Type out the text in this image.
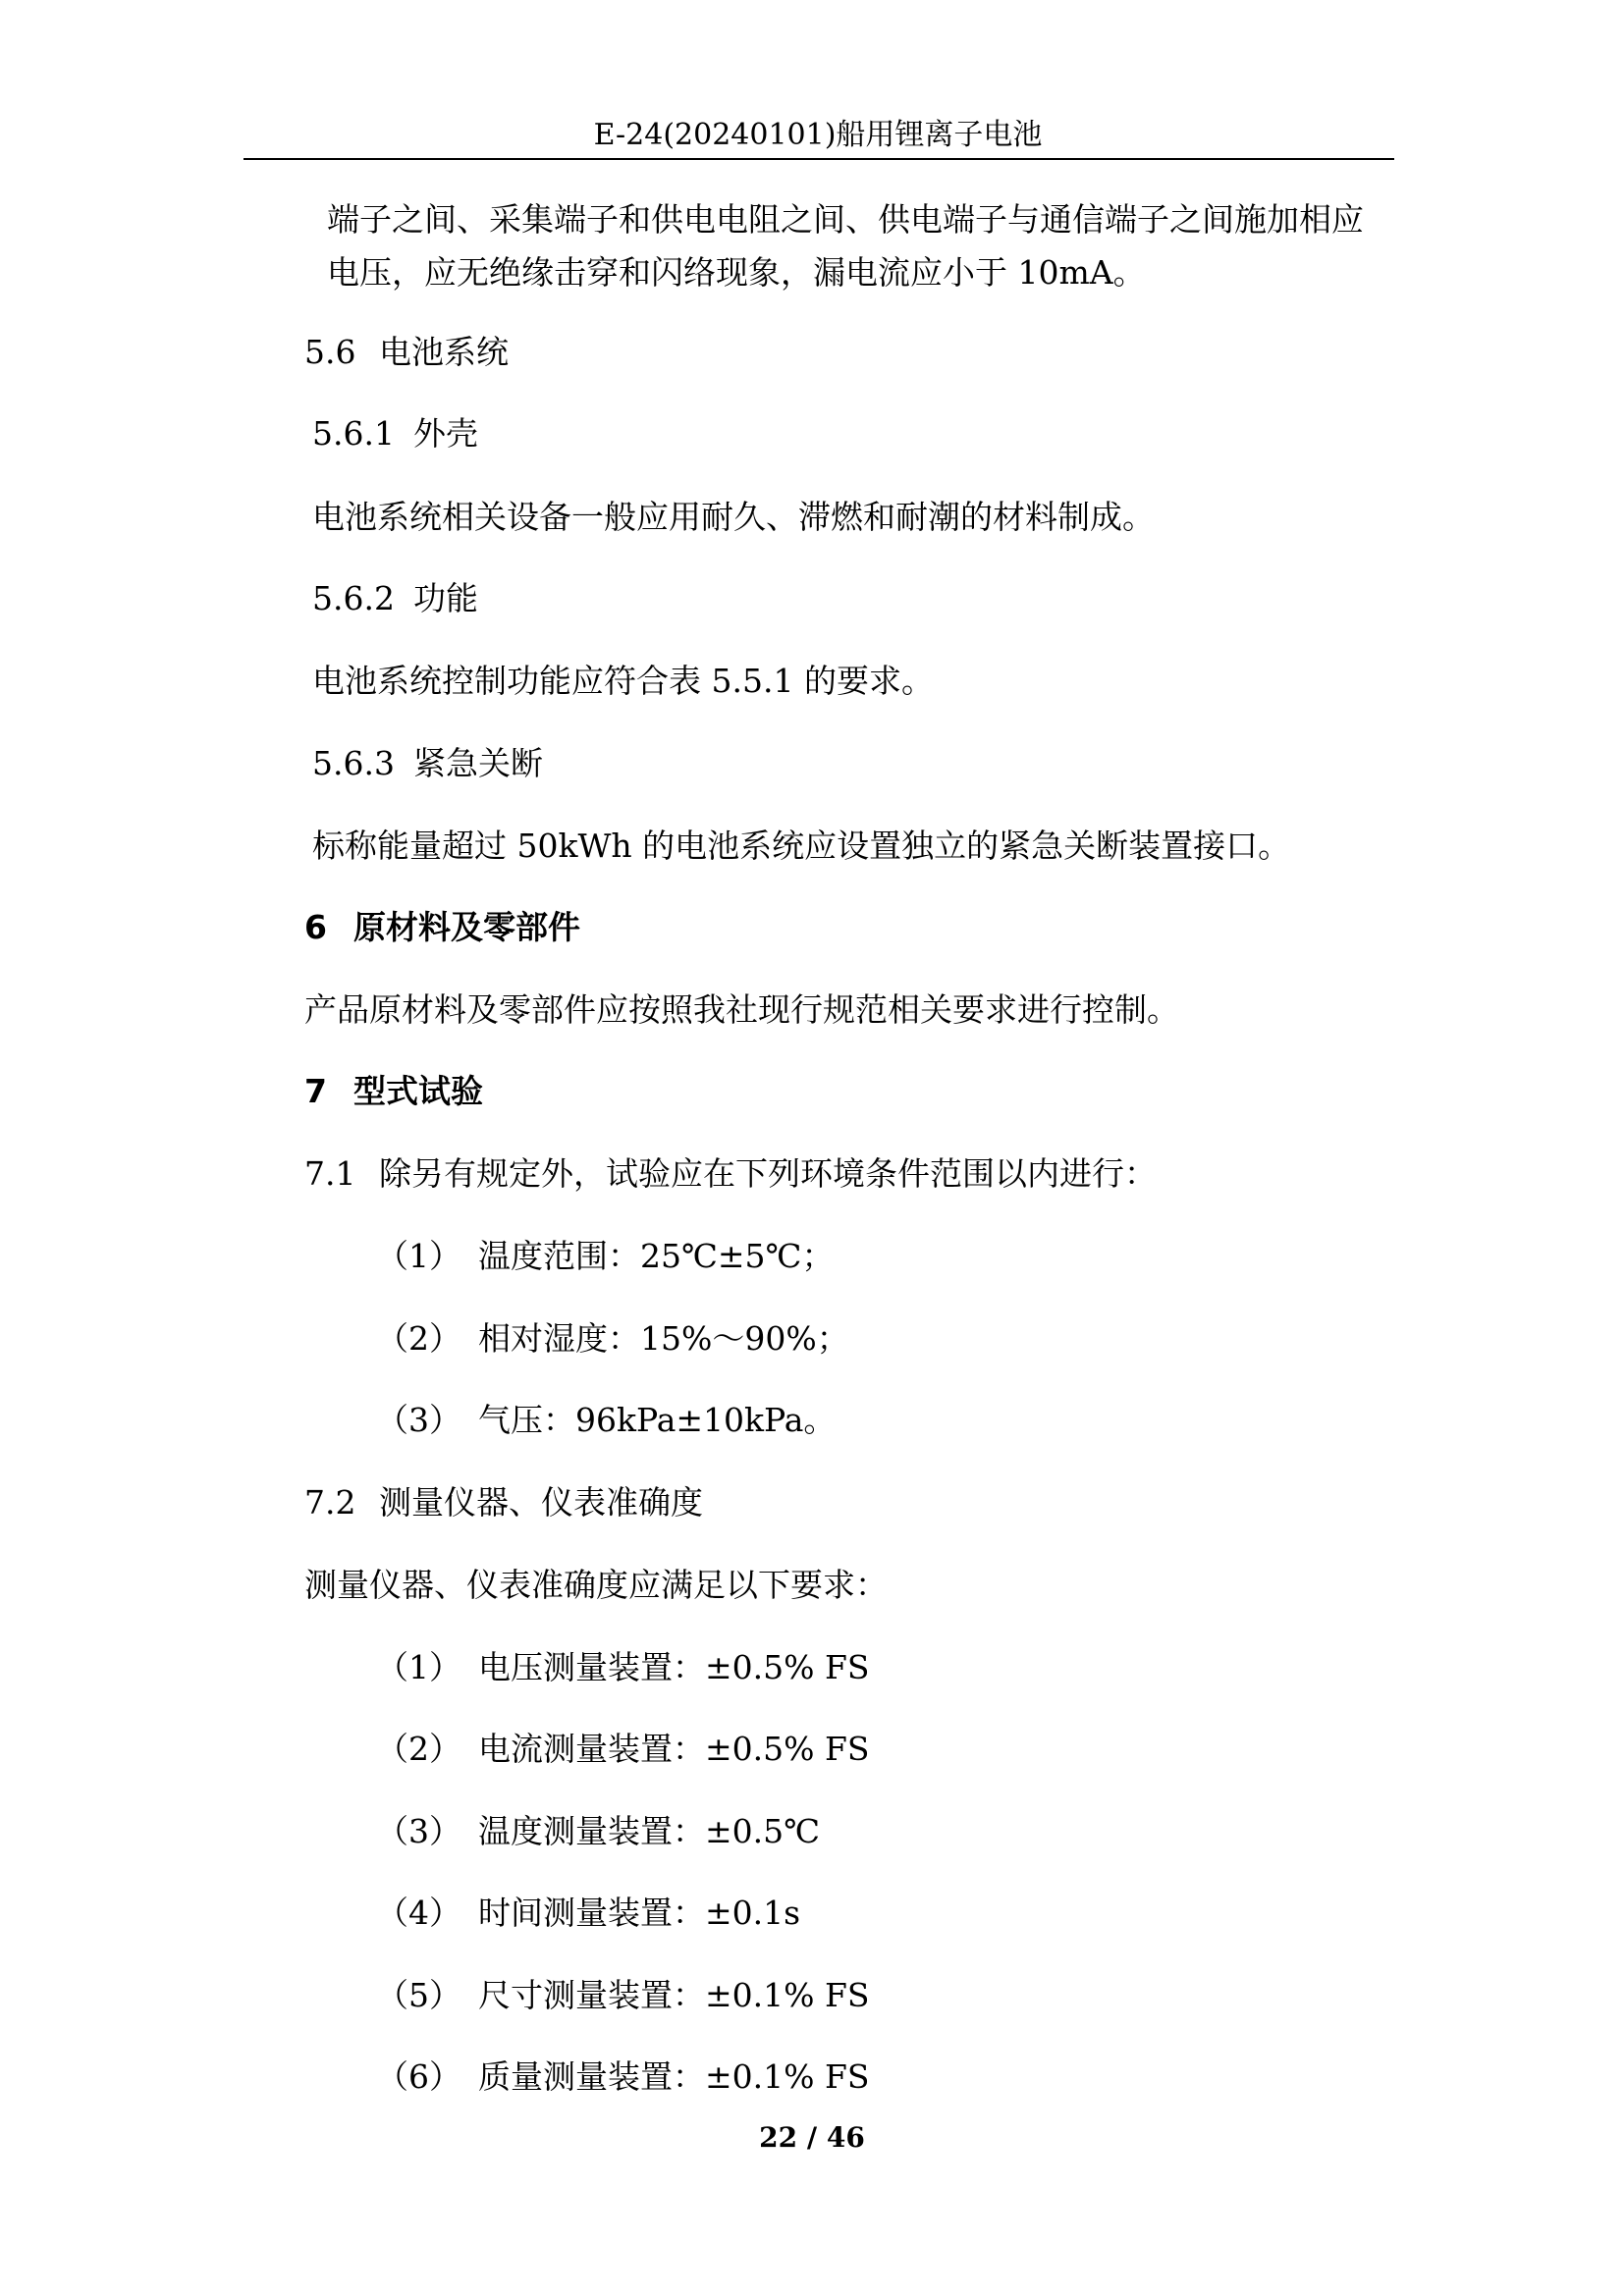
E-24(20240101)船用锂离子电池
端子之间、采集端子和供电电阻之间、供电端子与通信端子之间施加相应
电压，应无绝缘击穿和闪络现象，漏电流应小于 10mA。
5.6 电池系统
5.6.1 外壳
电池系统相关设备一般应用耐久、滞燃和耐潮的材料制成。
5.6.2 功能
电池系统控制功能应符合表 5.5.1 的要求。
5.6.3 紧急关断
标称能量超过 50kWh 的电池系统应设置独立的紧急关断装置接口。
6 原材料及零部件
产品原材料及零部件应按照我社现行规范相关要求进行控制。
7 型式试验
7.1 除另有规定外，试验应在下列环境条件范围以内进行：
（1） 温度范围：25℃±5℃；
（2） 相对湿度：15%～90%；
（3） 气压：96kPa±10kPa。
7.2 测量仪器、仪表准确度
测量仪器、仪表准确度应满足以下要求：
（1） 电压测量装置：±0.5% FS
（2） 电流测量装置：±0.5% FS
（3） 温度测量装置：±0.5℃
（4） 时间测量装置：±0.1s
（5） 尺寸测量装置：±0.1% FS
（6） 质量测量装置：±0.1% FS
22 / 46
